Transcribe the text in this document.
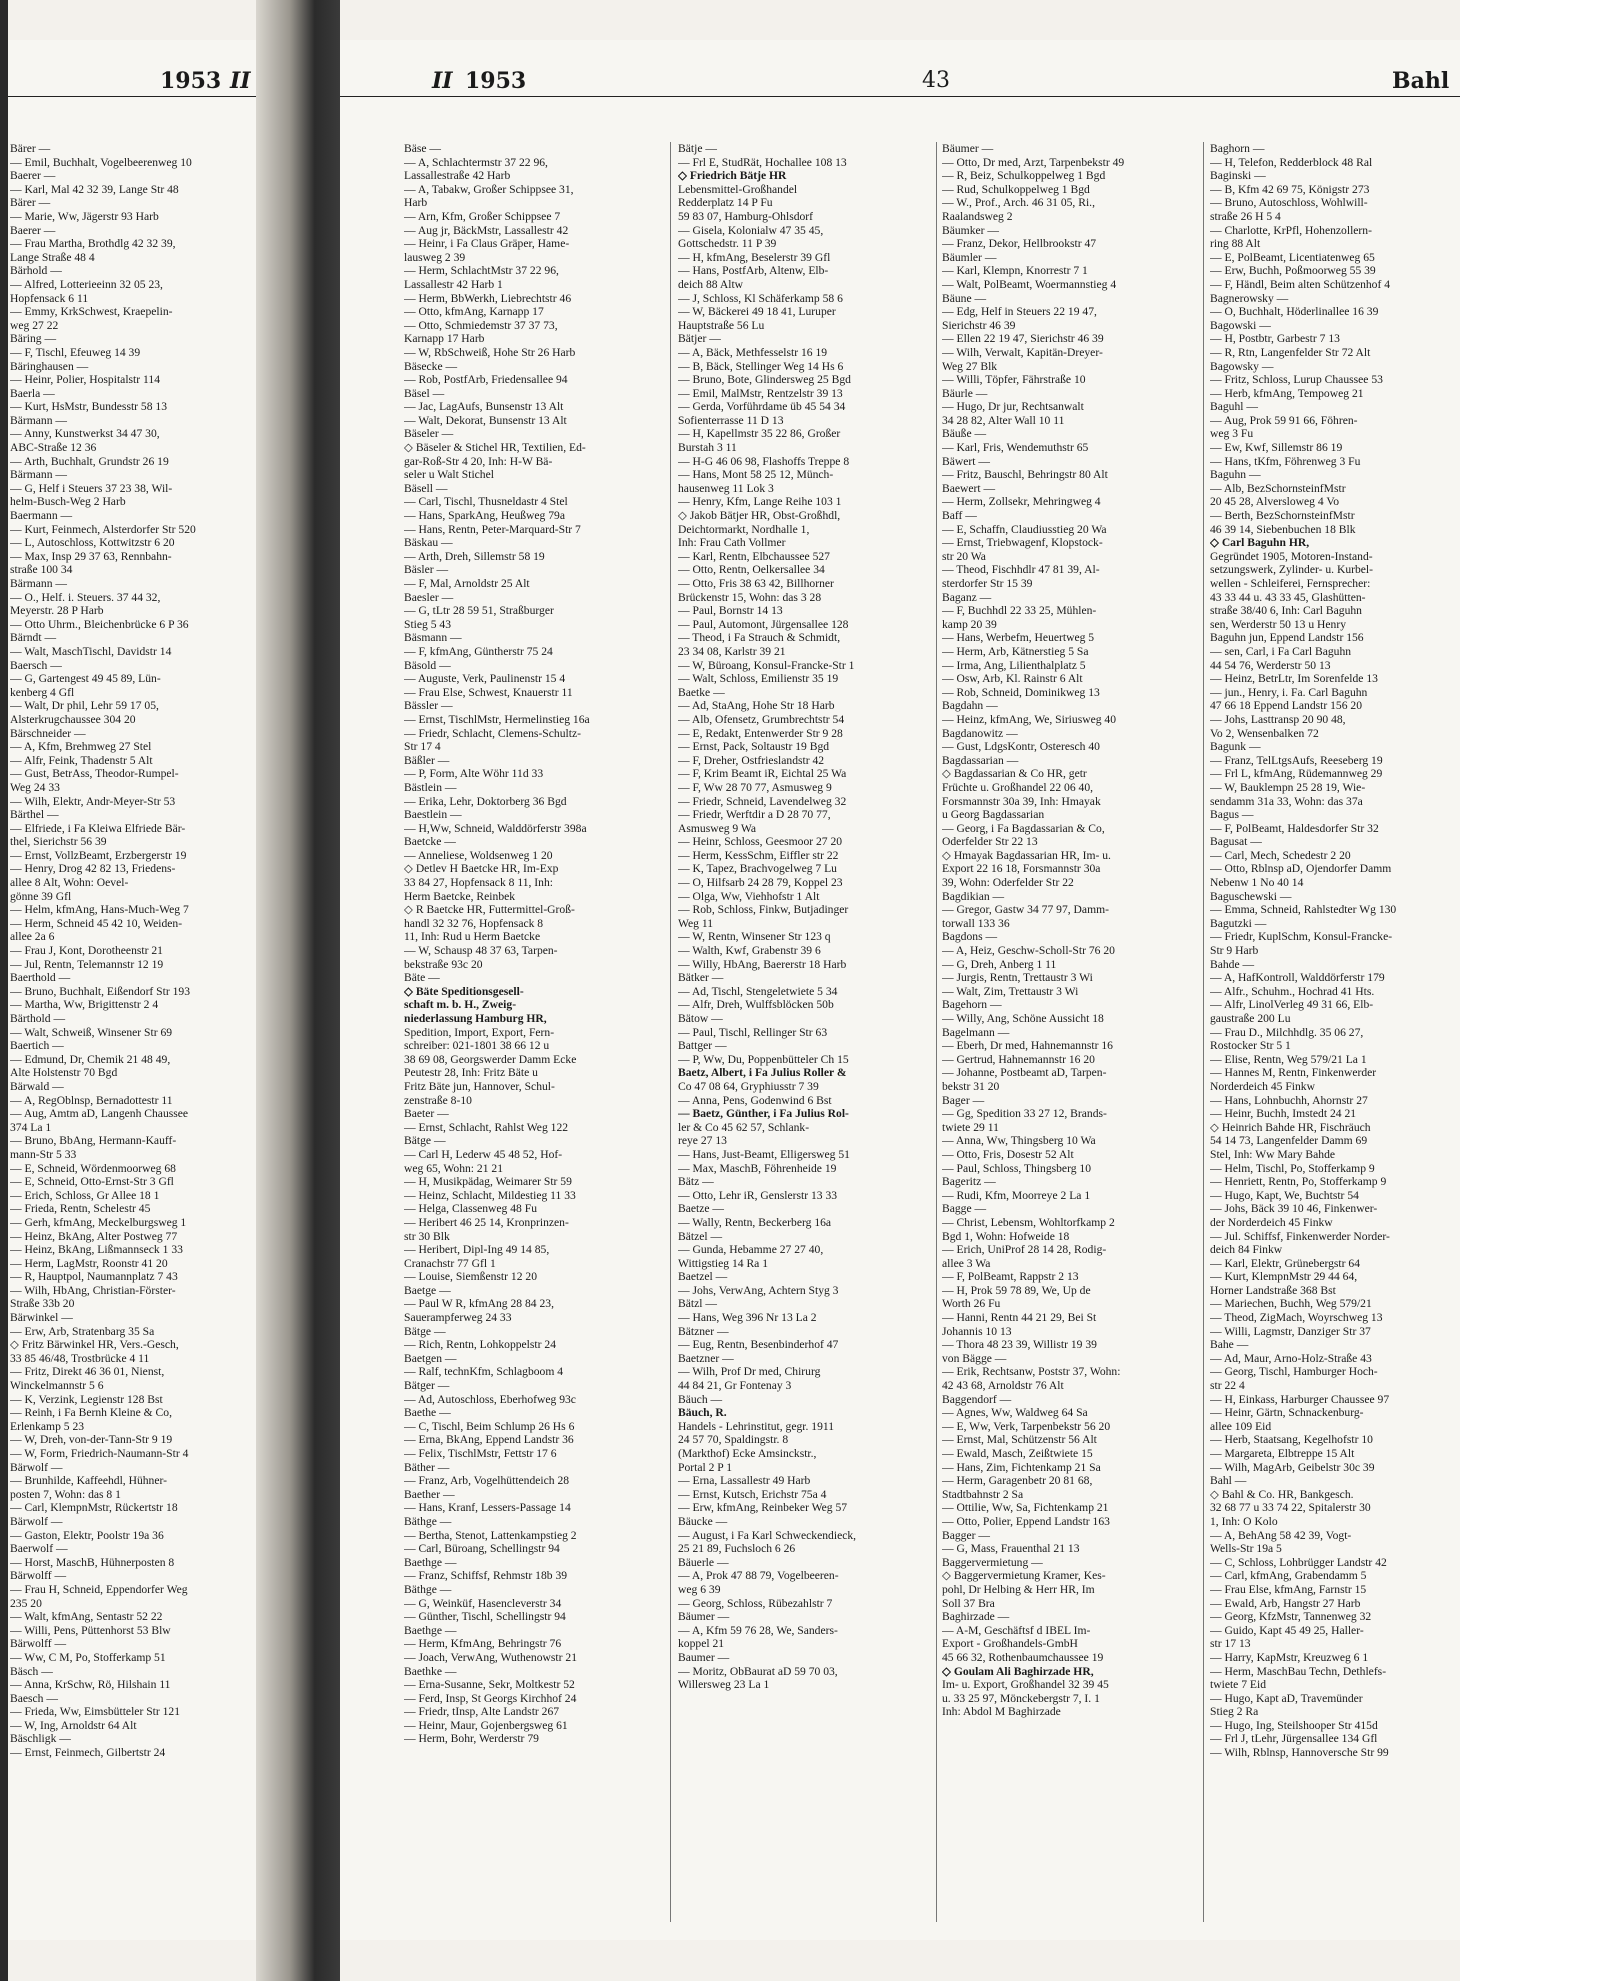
1953 II	II 1953	43	Bahl
Bärer —
— Emil, Buchhalt, Vogelbeerenweg 10
Baerer —
— Karl, Mal 42 32 39, Lange Str 48
Bärer —
— Marie, Ww, Jägerstr 93 Harb
Baerer —
— Frau Martha, Brothdlg 42 32 39,
Lange Straße 48 4
Bärhold —
— Alfred, Lotterieeinn 32 05 23,
Hopfensack 6 11
— Emmy, KrkSchwest, Kraepelin-
weg 27 22
Bäring —
— F, Tischl, Efeuweg 14 39
Bäringhausen —
— Heinr, Polier, Hospitalstr 114
Baerla —
— Kurt, HsMstr, Bundesstr 58 13
Bärmann —
— Anny, Kunstwerkst 34 47 30,
ABC-Straße 12 36
— Arth, Buchhalt, Grundstr 26 19
Bärmann —
— G, Helf i Steuers 37 23 38, Wil-
helm-Busch-Weg 2 Harb
Baermann —
— Kurt, Feinmech, Alsterdorfer Str 520
— L, Autoschloss, Kottwitzstr 6 20
— Max, Insp 29 37 63, Rennbahn-
straße 100 34
Bärmann —
— O., Helf. i. Steuers. 37 44 32,
Meyerstr. 28 P Harb
— Otto Uhrm., Bleichenbrücke 6 P 36
Bärndt —
— Walt, MaschTischl, Davidstr 14
Baersch —
— G, Gartengest 49 45 89, Lün-
kenberg 4 Gfl
— Walt, Dr phil, Lehr 59 17 05,
Alsterkrugchaussee 304 20
Bärschneider —
— A, Kfm, Brehmweg 27 Stel
— Alfr, Feink, Thadenstr 5 Alt
— Gust, BetrAss, Theodor-Rumpel-
Weg 24 33
— Wilh, Elektr, Andr-Meyer-Str 53
Bärthel —
— Elfriede, i Fa Kleiwa Elfriede Bär-
thel, Sierichstr 56 39
— Ernst, VollzBeamt, Erzbergerstr 19
— Henry, Drog 42 82 13, Friedens-
allee 8 Alt, Wohn: Oevel-
gönne 39 Gfl
— Helm, kfmAng, Hans-Much-Weg 7
— Herm, Schneid 45 42 10, Weiden-
allee 2a 6
— Frau J, Kont, Dorotheenstr 21
— Jul, Rentn, Telemannstr 12 19
Baerthold —
— Bruno, Buchhalt, Eißendorf Str 193
— Martha, Ww, Brigittenstr 2 4
Bärthold —
— Walt, Schweiß, Winsener Str 69
Baertich —
— Edmund, Dr, Chemik 21 48 49,
Alte Holstenstr 70 Bgd
Bärwald —
— A, RegOblnsp, Bernadottestr 11
— Aug, Amtm aD, Langenh Chaussee
374 La 1
— Bruno, BbAng, Hermann-Kauff-
mann-Str 5 33
— E, Schneid, Wördenmoorweg 68
— E, Schneid, Otto-Ernst-Str 3 Gfl
— Erich, Schloss, Gr Allee 18 1
— Frieda, Rentn, Schelestr 45
— Gerh, kfmAng, Meckelburgsweg 1
— Heinz, BkAng, Alter Postweg 77
— Heinz, BkAng, Lißmannseck 1 33
— Herm, LagMstr, Roonstr 41 20
— R, Hauptpol, Naumannplatz 7 43
— Wilh, HbAng, Christian-Förster-
Straße 33b 20
Bärwinkel —
— Erw, Arb, Stratenbarg 35 Sa
◇ Fritz Bärwinkel HR, Vers.-Gesch,
33 85 46/48, Trostbrücke 4 11
— Fritz, Direkt 46 36 01, Nienst,
Winckelmannstr 5 6
— K, Verzink, Legienstr 128 Bst
— Reinh, i Fa Bernh Kleine & Co,
Erlenkamp 5 23
— W, Dreh, von-der-Tann-Str 9 19
— W, Form, Friedrich-Naumann-Str 4
Bärwolf —
— Brunhilde, Kaffeehdl, Hühner-
posten 7, Wohn: das 8 1
— Carl, KlempnMstr, Rückertstr 18
Bärwolf —
— Gaston, Elektr, Poolstr 19a 36
Baerwolf —
— Horst, MaschB, Hühnerposten 8
Bärwolff —
— Frau H, Schneid, Eppendorfer Weg
235 20
— Walt, kfmAng, Sentastr 52 22
— Willi, Pens, Püttenhorst 53 Blw
Bärwolff —
— Ww, C M, Po, Stofferkamp 51
Bäsch —
— Anna, KrSchw, Rö, Hilshain 11
Baesch —
— Frieda, Ww, Eimsbütteler Str 121
— W, Ing, Arnoldstr 64 Alt
Bäschligk —
— Ernst, Feinmech, Gilbertstr 24
Bäse —
— A, Schlachtermstr 37 22 96,
Lassallestraße 42 Harb
— A, Tabakw, Großer Schippsee 31,
Harb
— Arn, Kfm, Großer Schippsee 7
— Aug jr, BäckMstr, Lassallestr 42
— Heinr, i Fa Claus Gräper, Hame-
lausweg 2 39
— Herm, SchlachtMstr 37 22 96,
Lassallestr 42 Harb 1
— Herm, BbWerkh, Liebrechtstr 46
— Otto, kfmAng, Karnapp 17
— Otto, Schmiedemstr 37 37 73,
Karnapp 17 Harb
— W, RbSchweiß, Hohe Str 26 Harb
Bäsecke —
— Rob, PostfArb, Friedensallee 94
Bäsel —
— Jac, LagAufs, Bunsenstr 13 Alt
— Walt, Dekorat, Bunsenstr 13 Alt
Bäseler —
◇ Bäseler & Stichel HR, Textilien, Ed-
gar-Roß-Str 4 20, Inh: H-W Bä-
seler u Walt Stichel
Bäsell —
— Carl, Tischl, Thusneldastr 4 Stel
— Hans, SparkAng, Heußweg 79a
— Hans, Rentn, Peter-Marquard-Str 7
Bäskau —
— Arth, Dreh, Sillemstr 58 19
Bäsler —
— F, Mal, Arnoldstr 25 Alt
Baesler —
— G, tLtr 28 59 51, Straßburger
Stieg 5 43
Bäsmann —
— F, kfmAng, Güntherstr 75 24
Bäsold —
— Auguste, Verk, Paulinenstr 15 4
— Frau Else, Schwest, Knauerstr 11
Bässler —
— Ernst, TischlMstr, Hermelinstieg 16a
— Friedr, Schlacht, Clemens-Schultz-
Str 17 4
Bäßler —
— P, Form, Alte Wöhr 11d 33
Bästlein —
— Erika, Lehr, Doktorberg 36 Bgd
Baestlein —
— H,Ww, Schneid, Walddörferstr 398a
Baetcke —
— Anneliese, Woldsenweg 1 20
◇ Detlev H Baetcke HR, Im-Exp
33 84 27, Hopfensack 8 11, Inh:
Herm Baetcke, Reinbek
◇ R Baetcke HR, Futtermittel-Groß-
handl 32 32 76, Hopfensack 8
11, Inh: Rud u Herm Baetcke
— W, Schausp 48 37 63, Tarpen-
bekstraße 93c 20
Bäte —
◇ Bäte Speditionsgesell-
schaft m. b. H., Zweig-
niederlassung Hamburg HR,
Spedition, Import, Export, Fern-
schreiber: 021-1801 38 66 12 u
38 69 08, Georgswerder Damm Ecke
Peutestr 28, Inh: Fritz Bäte u
Fritz Bäte jun, Hannover, Schul-
zenstraße 8-10
Baeter —
— Ernst, Schlacht, Rahlst Weg 122
Bätge —
— Carl H, Lederw 45 48 52, Hof-
weg 65, Wohn: 21 21
— H, Musikpädag, Weimarer Str 59
— Heinz, Schlacht, Mildestieg 11 33
— Helga, Classenweg 48 Fu
— Heribert 46 25 14, Kronprinzen-
str 30 Blk
— Heribert, Dipl-Ing 49 14 85,
Cranachstr 77 Gfl 1
— Louise, Siemßenstr 12 20
Baetge —
— Paul W R, kfmAng 28 84 23,
Sauerampferweg 24 33
Bätge —
— Rich, Rentn, Lohkoppelstr 24
Baetgen —
— Ralf, technKfm, Schlagboom 4
Bätger —
— Ad, Autoschloss, Eberhofweg 93c
Baethe —
— C, Tischl, Beim Schlump 26 Hs 6
— Erna, BkAng, Eppend Landstr 36
— Felix, TischlMstr, Fettstr 17 6
Bäther —
— Franz, Arb, Vogelhüttendeich 28
Baether —
— Hans, Kranf, Lessers-Passage 14
Bäthge —
— Bertha, Stenot, Lattenkampstieg 2
— Carl, Büroang, Schellingstr 94
Baethge —
— Franz, Schiffsf, Rehmstr 18b 39
Bäthge —
— G, Weinküf, Hasencleverstr 34
— Günther, Tischl, Schellingstr 94
Baethge —
— Herm, KfmAng, Behringstr 76
— Joach, VerwAng, Wuthenowstr 21
Baethke —
— Erna-Susanne, Sekr, Moltkestr 52
— Ferd, Insp, St Georgs Kirchhof 24
— Friedr, tInsp, Alte Landstr 267
— Heinr, Maur, Gojenbergsweg 61
— Herm, Bohr, Werderstr 79
Bätje —
— Frl E, StudRät, Hochallee 108 13
◇ Friedrich Bätje HR
Lebensmittel-Großhandel
Redderplatz 14 P Fu
59 83 07, Hamburg-Ohlsdorf
— Gisela, Kolonialw 47 35 45,
Gottschedstr. 11 P 39
— H, kfmAng, Beselerstr 39 Gfl
— Hans, PostfArb, Altenw, Elb-
deich 88 Altw
— J, Schloss, Kl Schäferkamp 58 6
— W, Bäckerei 49 18 41, Luruper
Hauptstraße 56 Lu
Bätjer —
— A, Bäck, Methfesselstr 16 19
— B, Bäck, Stellinger Weg 14 Hs 6
— Bruno, Bote, Glindersweg 25 Bgd
— Emil, MalMstr, Rentzelstr 39 13
— Gerda, Vorführdame üb 45 54 34
Sofienterrasse 11 D 13
— H, Kapellmstr 35 22 86, Großer
Burstah 3 11
— H-G 46 06 98, Flashoffs Treppe 8
— Hans, Mont 58 25 12, Münch-
hausenweg 11 Lok 3
— Henry, Kfm, Lange Reihe 103 1
◇ Jakob Bätjer HR, Obst-Großhdl,
Deichtormarkt, Nordhalle 1,
Inh: Frau Cath Vollmer
— Karl, Rentn, Elbchaussee 527
— Otto, Rentn, Oelkersallee 34
— Otto, Fris 38 63 42, Billhorner
Brückenstr 15, Wohn: das 3 28
— Paul, Bornstr 14 13
— Paul, Automont, Jürgensallee 128
— Theod, i Fa Strauch & Schmidt,
23 34 08, Karlstr 39 21
— W, Büroang, Konsul-Francke-Str 1
— Walt, Schloss, Emilienstr 35 19
Baetke —
— Ad, StaAng, Hohe Str 18 Harb
— Alb, Ofensetz, Grumbrechtstr 54
— E, Redakt, Entenwerder Str 9 28
— Ernst, Pack, Soltaustr 19 Bgd
— F, Dreher, Ostfrieslandstr 42
— F, Krim Beamt iR, Eichtal 25 Wa
— F, Ww 28 70 77, Asmusweg 9
— Friedr, Schneid, Lavendelweg 32
— Friedr, Werftdir a D 28 70 77,
Asmusweg 9 Wa
— Heinr, Schloss, Geesmoor 27 20
— Herm, KessSchm, Eiffler str 22
— K, Tapez, Brachvogelweg 7 Lu
— O, Hilfsarb 24 28 79, Koppel 23
— Olga, Ww, Viehhofstr 1 Alt
— Rob, Schloss, Finkw, Butjadinger
Weg 11
— W, Rentn, Winsener Str 123 q
— Walth, Kwf, Grabenstr 39 6
— Willy, HbAng, Baererstr 18 Harb
Bätker —
— Ad, Tischl, Stengeletwiete 5 34
— Alfr, Dreh, Wulffsblöcken 50b
Bätow —
— Paul, Tischl, Rellinger Str 63
Battger —
— P, Ww, Du, Poppenbütteler Ch 15
Baetz, Albert, i Fa Julius Roller &
Co 47 08 64, Gryphiusstr 7 39
— Anna, Pens, Godenwind 6 Bst
— Baetz, Günther, i Fa Julius Rol-
ler & Co 45 62 57, Schlank-
reye 27 13
— Hans, Just-Beamt, Elligersweg 51
— Max, MaschB, Föhrenheide 19
Bätz —
— Otto, Lehr iR, Genslerstr 13 33
Baetze —
— Wally, Rentn, Beckerberg 16a
Bätzel —
— Gunda, Hebamme 27 27 40,
Wittigstieg 14 Ra 1
Baetzel —
— Johs, VerwAng, Achtern Styg 3
Bätzl —
— Hans, Weg 396 Nr 13 La 2
Bätzner —
— Eug, Rentn, Besenbinderhof 47
Baetzner —
— Wilh, Prof Dr med, Chirurg
44 84 21, Gr Fontenay 3
Bäuch —
Bäuch, R.
Handels - Lehrinstitut, gegr. 1911
24 57 70, Spaldingstr. 8
(Markthof) Ecke Amsinckstr.,
Portal 2 P 1
— Erna, Lassallestr 49 Harb
— Ernst, Kutsch, Erichstr 75a 4
— Erw, kfmAng, Reinbeker Weg 57
Bäucke —
— August, i Fa Karl Schweckendieck,
25 21 89, Fuchsloch 6 26
Bäuerle —
— A, Prok 47 88 79, Vogelbeeren-
weg 6 39
— Georg, Schloss, Rübezahlstr 7
Bäumer —
— A, Kfm 59 76 28, We, Sanders-
koppel 21
Baumer —
— Moritz, ObBaurat aD 59 70 03,
Willersweg 23 La 1
Bäumer —
— Otto, Dr med, Arzt, Tarpenbekstr 49
— R, Beiz, Schulkoppelweg 1 Bgd
— Rud, Schulkoppelweg 1 Bgd
— W., Prof., Arch. 46 31 05, Ri.,
Raalandsweg 2
Bäumker —
— Franz, Dekor, Hellbrookstr 47
Bäumler —
— Karl, Klempn, Knorrestr 7 1
— Walt, PolBeamt, Woermannstieg 4
Bäune —
— Edg, Helf in Steuers 22 19 47,
Sierichstr 46 39
— Ellen 22 19 47, Sierichstr 46 39
— Wilh, Verwalt, Kapitän-Dreyer-
Weg 27 Blk
— Willi, Töpfer, Fährstraße 10
Bäurle —
— Hugo, Dr jur, Rechtsanwalt
34 28 82, Alter Wall 10 11
Bäuße —
— Karl, Fris, Wendemuthstr 65
Bäwert —
— Fritz, Bauschl, Behringstr 80 Alt
Baewert —
— Herm, Zollsekr, Mehringweg 4
Baff —
— E, Schaffn, Claudiusstieg 20 Wa
— Ernst, Triebwagenf, Klopstock-
str 20 Wa
— Theod, Fischhdlr 47 81 39, Al-
sterdorfer Str 15 39
Baganz —
— F, Buchhdl 22 33 25, Mühlen-
kamp 20 39
— Hans, Werbefm, Heuertweg 5
— Herm, Arb, Kätnerstieg 5 Sa
— Irma, Ang, Lilienthalplatz 5
— Osw, Arb, Kl. Rainstr 6 Alt
— Rob, Schneid, Dominikweg 13
Bagdahn —
— Heinz, kfmAng, We, Siriusweg 40
Bagdanowitz —
— Gust, LdgsKontr, Osteresch 40
Bagdassarian —
◇ Bagdassarian & Co HR, getr
Früchte u. Großhandel 22 06 40,
Forsmannstr 30a 39, Inh: Hmayak
u Georg Bagdassarian
— Georg, i Fa Bagdassarian & Co,
Oderfelder Str 22 13
◇ Hmayak Bagdassarian HR, Im- u.
Export 22 16 18, Forsmannstr 30a
39, Wohn: Oderfelder Str 22
Bagdikian —
— Gregor, Gastw 34 77 97, Damm-
torwall 133 36
Bagdons —
— A, Heiz, Geschw-Scholl-Str 76 20
— G, Dreh, Anberg 1 11
— Jurgis, Rentn, Trettaustr 3 Wi
— Walt, Zim, Trettaustr 3 Wi
Bagehorn —
— Willy, Ang, Schöne Aussicht 18
Bagelmann —
— Eberh, Dr med, Hahnemannstr 16
— Gertrud, Hahnemannstr 16 20
— Johanne, Postbeamt aD, Tarpen-
bekstr 31 20
Bager —
— Gg, Spedition 33 27 12, Brands-
twiete 29 11
— Anna, Ww, Thingsberg 10 Wa
— Otto, Fris, Dosestr 52 Alt
— Paul, Schloss, Thingsberg 10
Bageritz —
— Rudi, Kfm, Moorreye 2 La 1
Bagge —
— Christ, Lebensm, Wohltorfkamp 2
Bgd 1, Wohn: Hofweide 18
— Erich, UniProf 28 14 28, Rodig-
allee 3 Wa
— F, PolBeamt, Rappstr 2 13
— H, Prok 59 78 89, We, Up de
Worth 26 Fu
— Hanni, Rentn 44 21 29, Bei St
Johannis 10 13
— Thora 48 23 39, Willistr 19 39
von Bägge —
— Erik, Rechtsanw, Poststr 37, Wohn:
42 43 68, Arnoldstr 76 Alt
Baggendorf —
— Agnes, Ww, Waldweg 64 Sa
— E, Ww, Verk, Tarpenbekstr 56 20
— Ernst, Mal, Schützenstr 56 Alt
— Ewald, Masch, Zeißtwiete 15
— Hans, Zim, Fichtenkamp 21 Sa
— Herm, Garagenbetr 20 81 68,
Stadtbahnstr 2 Sa
— Ottilie, Ww, Sa, Fichtenkamp 21
— Otto, Polier, Eppend Landstr 163
Bagger —
— G, Mass, Frauenthal 21 13
Baggervermietung —
◇ Baggervermietung Kramer, Kes-
pohl, Dr Helbing & Herr HR, Im
Soll 37 Bra
Baghirzade —
— A-M, Geschäftsf d IBEL Im-
Export - Großhandels-GmbH
45 66 32, Rothenbaumchaussee 19
◇ Goulam Ali Baghirzade HR,
Im- u. Export, Großhandel 32 39 45
u. 33 25 97, Mönckebergstr 7, I. 1
Inh: Abdol M Baghirzade
Baghorn —
— H, Telefon, Redderblock 48 Ral
Baginski —
— B, Kfm 42 69 75, Königstr 273
— Bruno, Autoschloss, Wohlwill-
straße 26 H 5 4
— Charlotte, KrPfl, Hohenzollern-
ring 88 Alt
— E, PolBeamt, Licentiatenweg 65
— Erw, Buchh, Poßmoorweg 55 39
— F, Händl, Beim alten Schützenhof 4
Bagnerowsky —
— O, Buchhalt, Höderlinallee 16 39
Bagowski —
— H, Postbtr, Garbestr 7 13
— R, Rtn, Langenfelder Str 72 Alt
Bagowsky —
— Fritz, Schloss, Lurup Chaussee 53
— Herb, kfmAng, Tempoweg 21
Baguhl —
— Aug, Prok 59 91 66, Föhren-
weg 3 Fu
— Ew, Kwf, Sillemstr 86 19
— Hans, tKfm, Föhrenweg 3 Fu
Baguhn —
— Alb, BezSchornsteinfMstr
20 45 28, Alversloweg 4 Vo
— Berth, BezSchornsteinfMstr
46 39 14, Siebenbuchen 18 Blk
◇ Carl Baguhn HR,
Gegründet 1905, Motoren-Instand-
setzungswerk, Zylinder- u. Kurbel-
wellen - Schleiferei, Fernsprecher:
43 33 44 u. 43 33 45, Glashütten-
straße 38/40 6, Inh: Carl Baguhn
sen, Werderstr 50 13 u Henry
Baguhn jun, Eppend Landstr 156
— sen, Carl, i Fa Carl Baguhn
44 54 76, Werderstr 50 13
— Heinz, BetrLtr, Im Sorenfelde 13
— jun., Henry, i. Fa. Carl Baguhn
47 66 18 Eppend Landstr 156 20
— Johs, Lasttransp 20 90 48,
Vo 2, Wensenbalken 72
Bagunk —
— Franz, TelLtgsAufs, Reeseberg 19
— Frl L, kfmAng, Rüdemannweg 29
— W, Bauklempn 25 28 19, Wie-
sendamm 31a 33, Wohn: das 37a
Bagus —
— F, PolBeamt, Haldesdorfer Str 32
Bagusat —
— Carl, Mech, Schedestr 2 20
— Otto, Rblnsp aD, Ojendorfer Damm
Nebenw 1 No 40 14
Baguschewski —
— Emma, Schneid, Rahlstedter Wg 130
Bagutzki —
— Friedr, KuplSchm, Konsul-Francke-
Str 9 Harb
Bahde —
— A, HafKontroll, Walddörferstr 179
— Alfr., Schuhm., Hochrad 41 Hts.
— Alfr, LinolVerleg 49 31 66, Elb-
gaustraße 200 Lu
— Frau D., Milchhdlg. 35 06 27,
Rostocker Str 5 1
— Elise, Rentn, Weg 579/21 La 1
— Hannes M, Rentn, Finkenwerder
Norderdeich 45 Finkw
— Hans, Lohnbuchh, Ahornstr 27
— Heinr, Buchh, Imstedt 24 21
◇ Heinrich Bahde HR, Fischräuch
54 14 73, Langenfelder Damm 69
Stel, Inh: Ww Mary Bahde
— Helm, Tischl, Po, Stofferkamp 9
— Henriett, Rentn, Po, Stofferkamp 9
— Hugo, Kapt, We, Buchtstr 54
— Johs, Bäck 39 10 46, Finkenwer-
der Norderdeich 45 Finkw
— Jul. Schiffsf, Finkenwerder Norder-
deich 84 Finkw
— Karl, Elektr, Grünebergstr 64
— Kurt, KlempnMstr 29 44 64,
Horner Landstraße 368 Bst
— Mariechen, Buchh, Weg 579/21
— Theod, ZigMach, Woyrschweg 13
— Willi, Lagmstr, Danziger Str 37
Bahe —
— Ad, Maur, Arno-Holz-Straße 43
— Georg, Tischl, Hamburger Hoch-
str 22 4
— H, Einkass, Harburger Chaussee 97
— Heinr, Gärtn, Schnackenburg-
allee 109 Eid
— Herb, Staatsang, Kegelhofstr 10
— Margareta, Elbtreppe 15 Alt
— Wilh, MagArb, Geibelstr 30c 39
Bahl —
◇ Bahl & Co. HR, Bankgesch.
32 68 77 u 33 74 22, Spitalerstr 30
1, Inh: O Kolo
— A, BehAng 58 42 39, Vogt-
Wells-Str 19a 5
— C, Schloss, Lohbrügger Landstr 42
— Carl, kfmAng, Grabendamm 5
— Frau Else, kfmAng, Farnstr 15
— Ewald, Arb, Hangstr 27 Harb
— Georg, KfzMstr, Tannenweg 32
— Guido, Kapt 45 49 25, Haller-
str 17 13
— Harry, KapMstr, Kreuzweg 6 1
— Herm, MaschBau Techn, Dethlefs-
twiete 7 Eid
— Hugo, Kapt aD, Travemünder
Stieg 2 Ra
— Hugo, Ing, Steilshooper Str 415d
— Frl J, tLehr, Jürgensallee 134 Gfl
— Wilh, Rblnsp, Hannoversche Str 99
